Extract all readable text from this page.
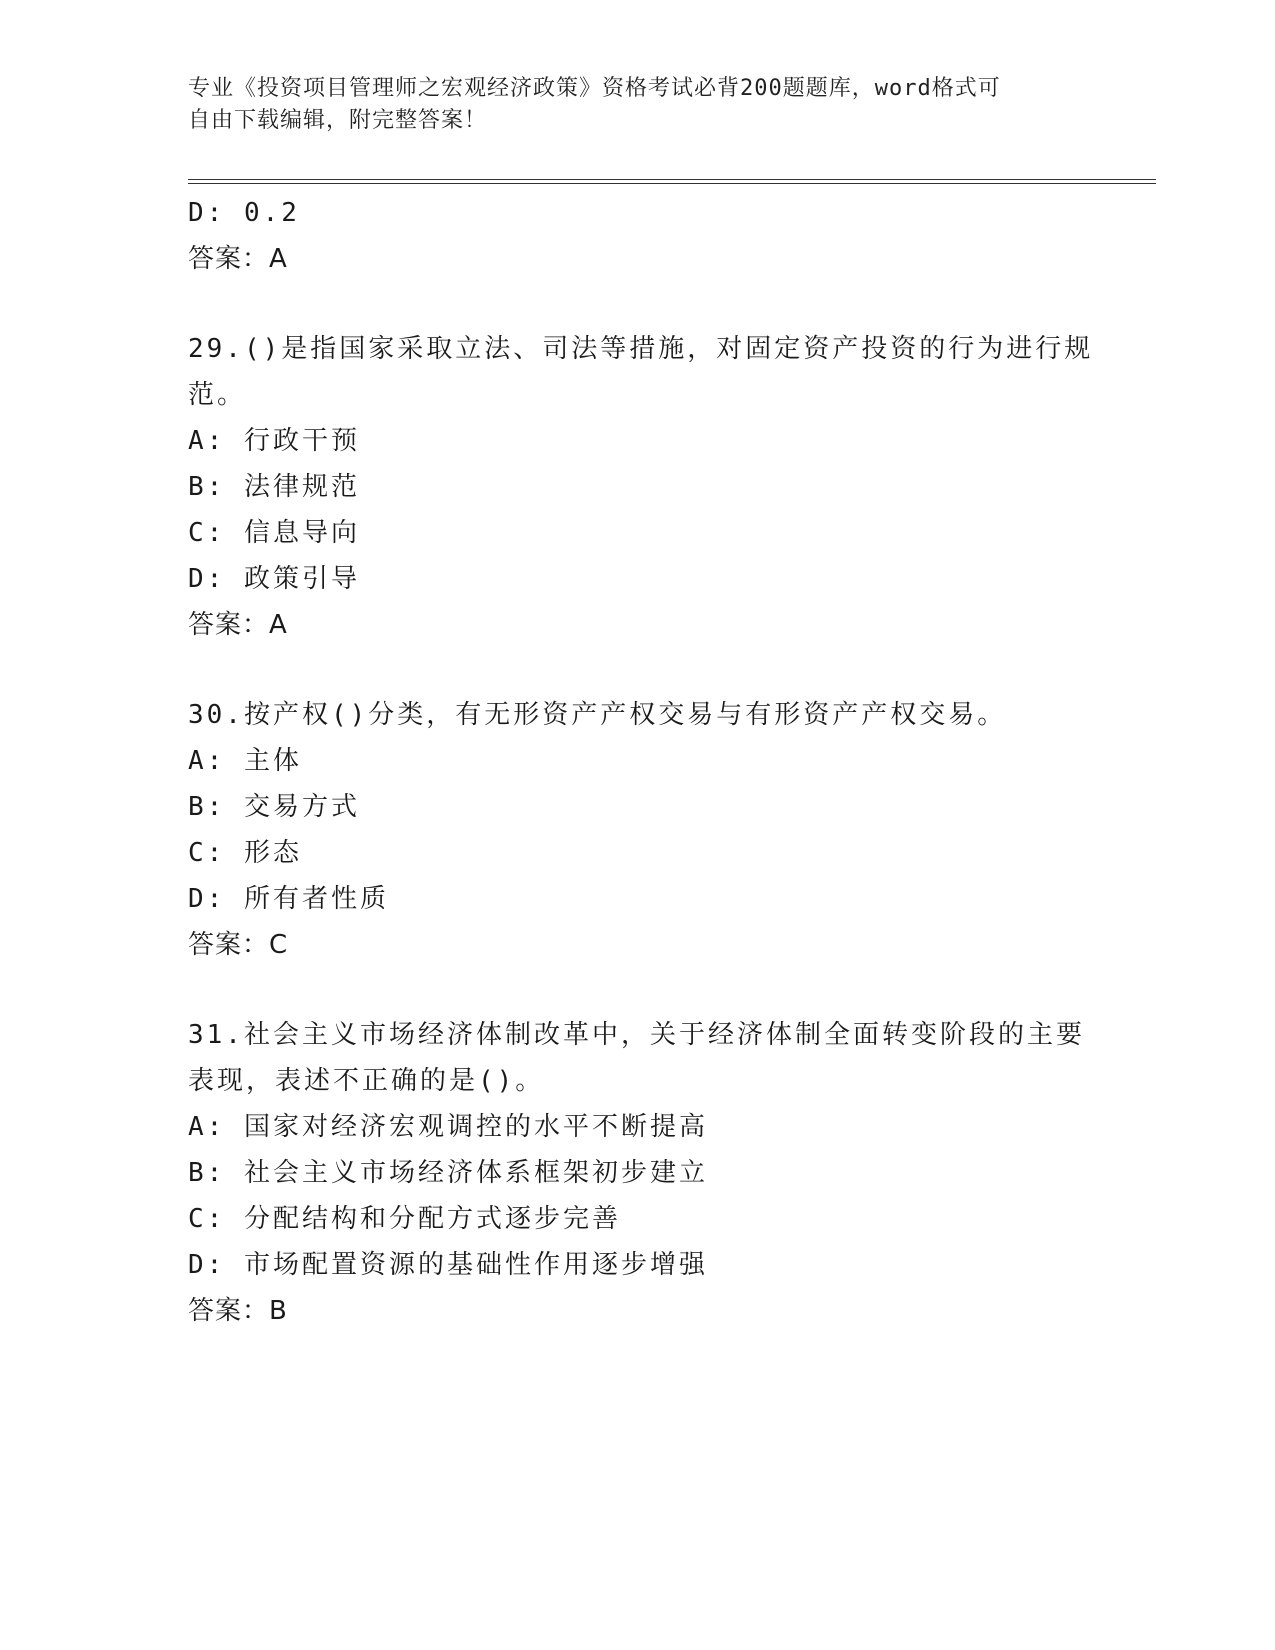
专业《投资项目管理师之宏观经济政策》资格考试必背200题题库，word格式可
自由下载编辑，附完整答案！
D: 0.2
答案：A
29.()是指国家采取立法、司法等措施，对固定资产投资的行为进行规
范。
A: 行政干预
B: 法律规范
C: 信息导向
D: 政策引导
答案：A
30.按产权()分类，有无形资产产权交易与有形资产产权交易。
A: 主体
B: 交易方式
C: 形态
D: 所有者性质
答案：C
31.社会主义市场经济体制改革中，关于经济体制全面转变阶段的主要
表现，表述不正确的是()。
A: 国家对经济宏观调控的水平不断提高
B: 社会主义市场经济体系框架初步建立
C: 分配结构和分配方式逐步完善
D: 市场配置资源的基础性作用逐步增强
答案：B
